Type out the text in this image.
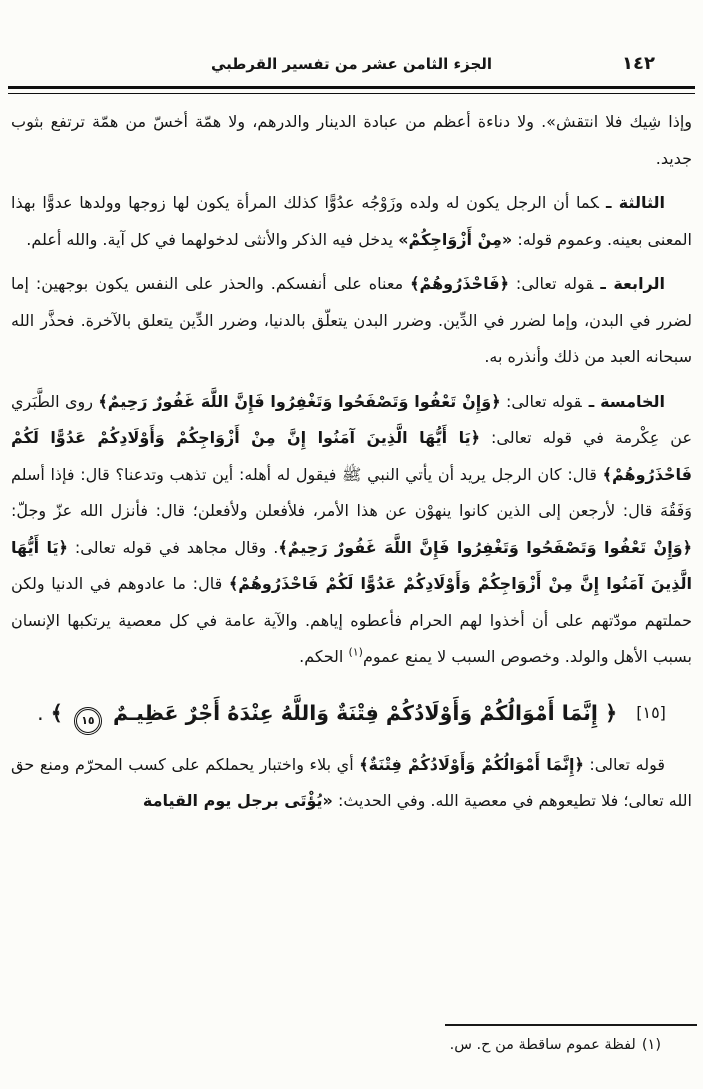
١٤٢
الجزء الثامن عشر من تفسير القرطبي

وإذا شِيك فلا انتقش». ولا دناءة أعظم من عبادة الدينار والدرهم، ولا همّة أخسّ من همّة ترتفع بثوب جديد.

الثالثة ـكما أن الرجل يكون له ولده وزَوْجُه عدُوًّا كذلك المرأة يكون لها زوجها وولدها عدوًّا بهذا المعنى بعينه. وعموم قوله: «مِنْ أَزْوَاجِكُمْ» يدخل فيه الذكر والأنثى لدخولهما في كل آية. والله أعلم.

الرابعة ـقوله تعالى: ﴿فَاحْذَرُوهُمْ﴾ معناه على أنفسكم. والحذر على النفس يكون بوجهين: إما لضرر في البدن، وإما لضرر في الدِّين. وضرر البدن يتعلّق بالدنيا، وضرر الدِّين يتعلق بالآخرة. فحذَّر الله سبحانه العبد من ذلك وأنذره به.

الخامسة ـقوله تعالى: ﴿وَإِنْ تَعْفُوا وَتَصْفَحُوا وَتَغْفِرُوا فَإِنَّ اللَّهَ غَفُورٌ رَحِيمٌ﴾ روى الطَّبَري عن عِكْرمة في قوله تعالى: ﴿يَا أَيُّهَا الَّذِينَ آمَنُوا إِنَّ مِنْ أَزْوَاجِكُمْ وَأَوْلَادِكُمْ عَدُوًّا لَكُمْ فَاحْذَرُوهُمْ﴾ قال: كان الرجل يريد أن يأتي النبي ﷺ فيقول له أهله: أين تذهب وتدعنا؟ قال: فإذا أسلم وَفَقُهَ قال: لأرجعن إلى الذين كانوا ينهوْن عن هذا الأمر، فلأفعلن ولأفعلن؛ قال: فأنزل الله عزّ وجلّ: ﴿وَإِنْ تَعْفُوا وَتَصْفَحُوا وَتَغْفِرُوا فَإِنَّ اللَّهَ غَفُورٌ رَحِيمٌ﴾. وقال مجاهد في قوله تعالى: ﴿يَا أَيُّهَا الَّذِينَ آمَنُوا إِنَّ مِنْ أَزْوَاجِكُمْ وَأَوْلَادِكُمْ عَدُوًّا لَكُمْ فَاحْذَرُوهُمْ﴾ قال: ما عادوهم في الدنيا ولكن حملتهم مودّتهم على أن أخذوا لهم الحرام فأعطوه إياهم. والآية عامة في كل معصية يرتكبها الإنسان بسبب الأهل والولد. وخصوص السبب لا يمنع عموم$^{(١)}$ الحكم.

[١٥] ﴿ إِنَّمَا أَمْوَالُكُمْ وَأَوْلَادُكُمْ فِتْنَةٌ وَاللَّهُ عِنْدَهُ أَجْرٌ عَظِيـمٌ ١٥ ﴾ .

قوله تعالى: ﴿إِنَّمَا أَمْوَالُكُمْ وَأَوْلَادُكُمْ فِتْنَةٌ﴾ أي بلاء واختبار يحملكم على كسب المحرّم ومنع حق الله تعالى؛ فلا تطيعوهم في معصية الله. وفي الحديث: «يُؤْتَى برجل يوم القيامة

(١)لفظة عموم ساقطة من ح. س.
